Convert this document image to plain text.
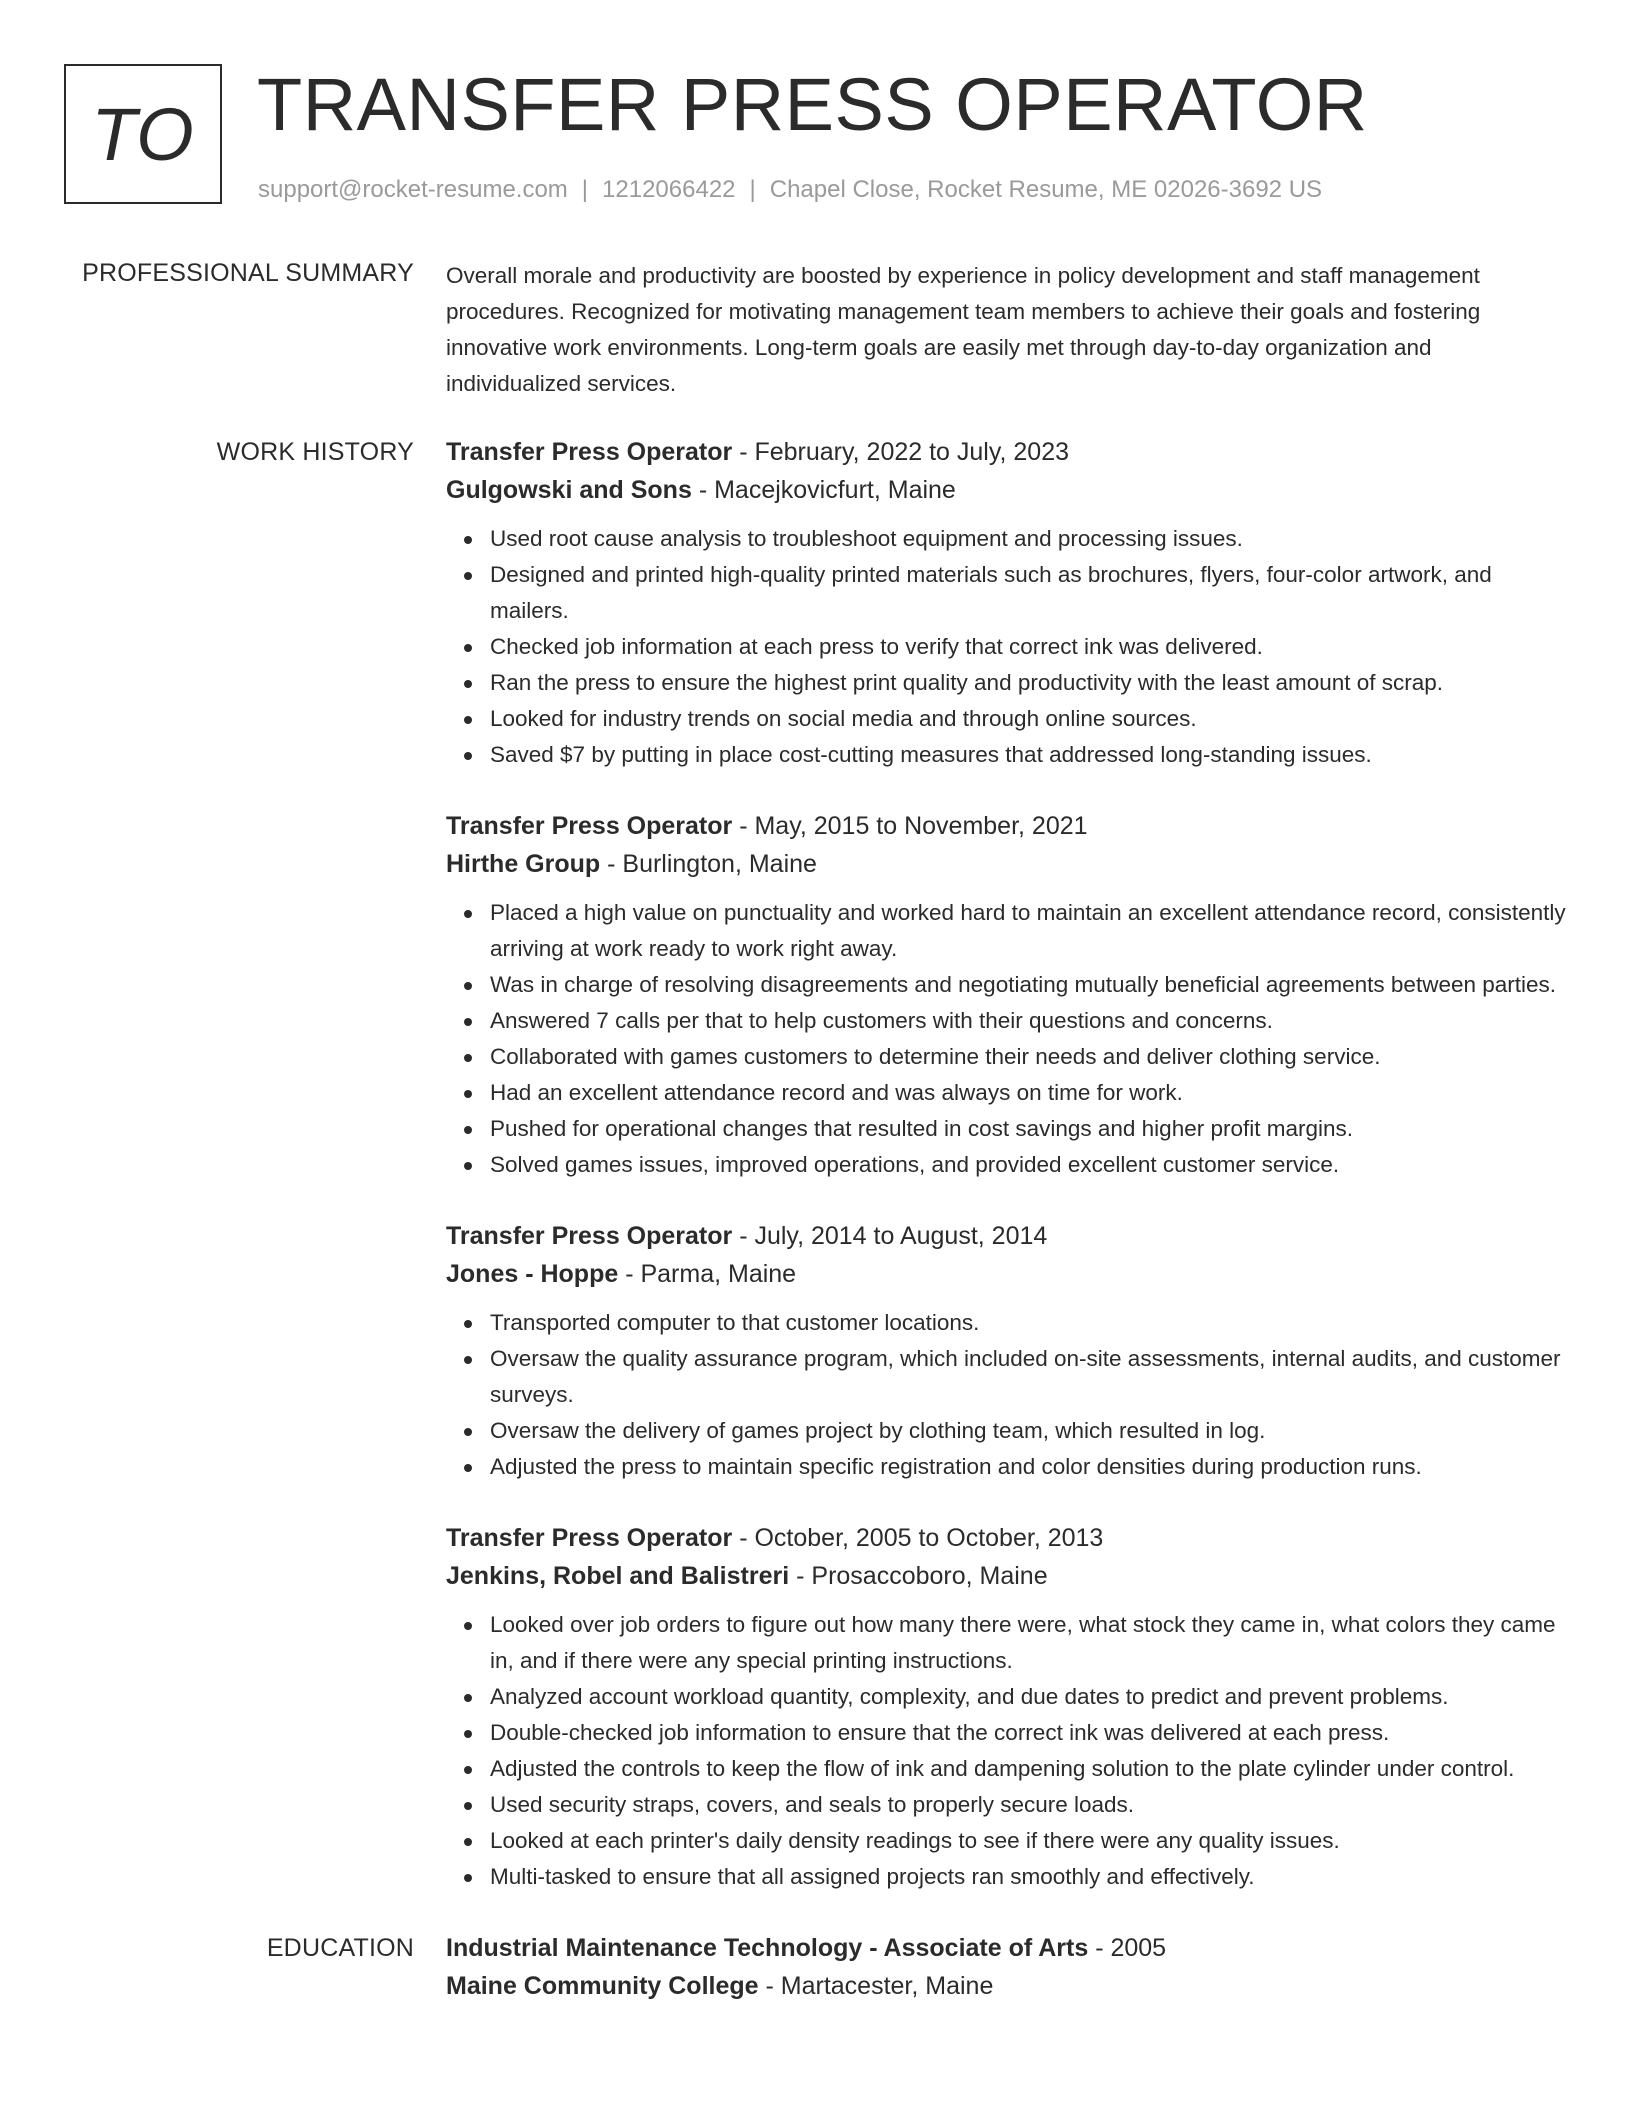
TO TRANSFER PRESS OPERATOR
support@rocket-resume.com | 1212066422 | Chapel Close, Rocket Resume, ME 02026-3692 US
PROFESSIONAL SUMMARY Overall morale and productivity are boosted by experience in policy development and staff management procedures. Recognized for motivating management team members to achieve their goals and fostering innovative work environments. Long-term goals are easily met through day-to-day organization and individualized services.

WORK HISTORY Transfer Press Operator - February, 2022 to July, 2023
Gulgowski and Sons - Macejkovicfurt, Maine
Used root cause analysis to troubleshoot equipment and processing issues.
Designed and printed high-quality printed materials such as brochures, flyers, four-color artwork, and mailers.
Checked job information at each press to verify that correct ink was delivered.
Ran the press to ensure the highest print quality and productivity with the least amount of scrap.
Looked for industry trends on social media and through online sources.
Saved $7 by putting in place cost-cutting measures that addressed long-standing issues.
Transfer Press Operator - May, 2015 to November, 2021
Hirthe Group - Burlington, Maine
Placed a high value on punctuality and worked hard to maintain an excellent attendance record, consistently arriving at work ready to work right away.
Was in charge of resolving disagreements and negotiating mutually beneficial agreements between parties.
Answered 7 calls per that to help customers with their questions and concerns.
Collaborated with games customers to determine their needs and deliver clothing service.
Had an excellent attendance record and was always on time for work.
Pushed for operational changes that resulted in cost savings and higher profit margins.
Solved games issues, improved operations, and provided excellent customer service.
Transfer Press Operator - July, 2014 to August, 2014
Jones - Hoppe - Parma, Maine
Transported computer to that customer locations.
Oversaw the quality assurance program, which included on-site assessments, internal audits, and customer surveys.
Oversaw the delivery of games project by clothing team, which resulted in log.
Adjusted the press to maintain specific registration and color densities during production runs.
Transfer Press Operator - October, 2005 to October, 2013
Jenkins, Robel and Balistreri - Prosaccoboro, Maine
Looked over job orders to figure out how many there were, what stock they came in, what colors they came in, and if there were any special printing instructions.
Analyzed account workload quantity, complexity, and due dates to predict and prevent problems.
Double-checked job information to ensure that the correct ink was delivered at each press.
Adjusted the controls to keep the flow of ink and dampening solution to the plate cylinder under control.
Used security straps, covers, and seals to properly secure loads.
Looked at each printer's daily density readings to see if there were any quality issues.
Multi-tasked to ensure that all assigned projects ran smoothly and effectively.
Industrial Maintenance Technology - Associate of Arts - 2005
Maine Community College - Martacester, Maine
EDUCATION
